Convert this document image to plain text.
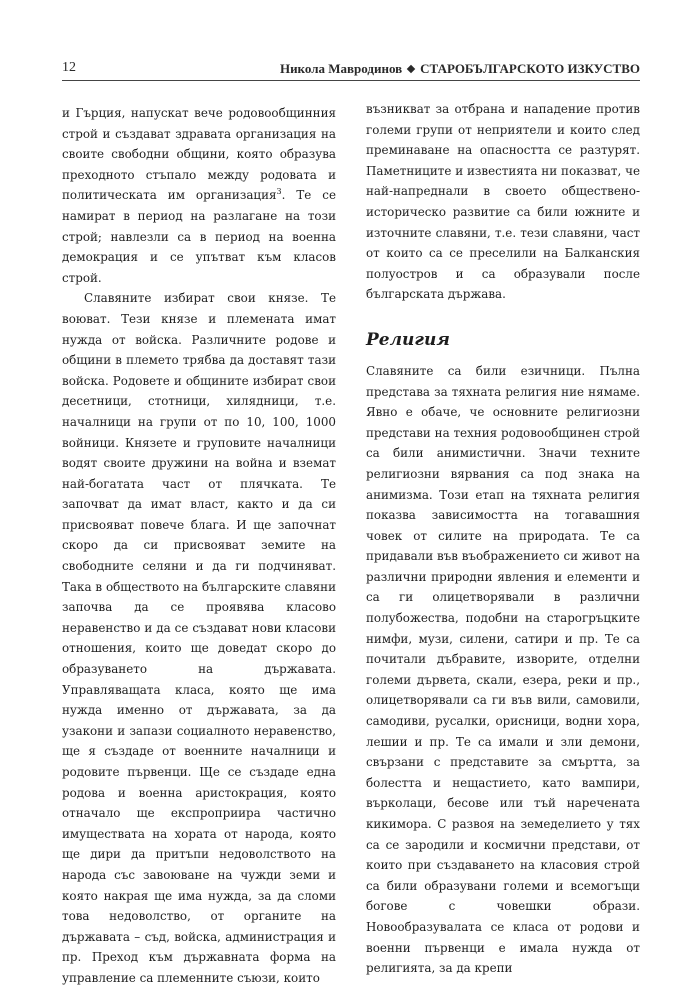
12	Никола Мавродинов СТАРОБЪЛГАРСКОТО ИЗКУСТВО

и Гърция, напускат вече родовообщинния строй и създават здравата организация на своите свободни общини, която образува преходното стъпало между родовата и политическата им организация$^3$. Те се намират в период на разлагане на този строй; навлезли са в период на военна демокрация и се упътват към класов строй.

Славяните избират свои князе. Те воюват. Тези князе и племената имат нужда от войска. Различните родове и общини в племето трябва да доставят тази войска. Родовете и общините избират свои десетници, стотници, хилядници, т.е. началници на групи от по 10, 100, 1000 войници. Князете и груповите началници водят своите дружини на война и вземат най-богатата част от плячката. Те започват да имат власт, както и да си присвояват повече блага. И ще започнат скоро да си присвояват земите на свободните селяни и да ги подчиняват. Така в обществото на българските славяни започва да се проявява класово неравенство и да се създават нови класови отношения, които ще доведат скоро до образуването на държавата. Управляващата класа, която ще има нужда именно от държавата, за да узакони и запази социалното неравенство, ще я създаде от военните началници и родовите първенци. Ще се създаде една родова и военна аристокрация, която отначало ще експроприира частично имуществата на хората от народа, която ще дири да притъпи недоволството на народа със завоюване на чужди земи и която накрая ще има нужда, за да сломи това недоволство, от органите на държавата – съд, войска, администрация и пр. Преход към държавната форма на управление са племенните съюзи, които

възникват за отбрана и нападение против големи групи от неприятели и които след преминаване на опасността се разтурят. Паметниците и известията ни показват, че най-напреднали в своето обществено-историческо развитие са били южните и източните славяни, т.е. тези славяни, част от които са се преселили на Балканския полуостров и са образували после българската държава.

Религия

Славяните са били езичници. Пълна представа за тяхната религия ние нямаме. Явно е обаче, че основните религиозни представи на техния родовообщинен строй са били анимистични. Значи техните религиозни вярвания са под знака на анимизма. Този етап на тяхната религия показва зависимостта на тогавашния човек от силите на природата. Те са придавали във въображението си живот на различни природни явления и елементи и са ги олицетворявали в различни полубожества, подобни на старогръцките нимфи, музи, силени, сатири и пр. Те са почитали дъбравите, изворите, отделни големи дървета, скали, езера, реки и пр., олицетворявали са ги във вили, самовили, самодиви, русалки, орисници, водни хора, лешии и пр. Те са имали и зли демони, свързани с представите за смъртта, за болестта и нещастието, като вампири, върколаци, бесове или тъй наречената кикимора. С развоя на земеделието у тях са се зародили и космични представи, от които при създаването на класовия строй са били образувани големи и всемогъщи богове с човешки образи. Новообразувалата се класа от родови и военни първенци е имала нужда от религията, за да крепи
